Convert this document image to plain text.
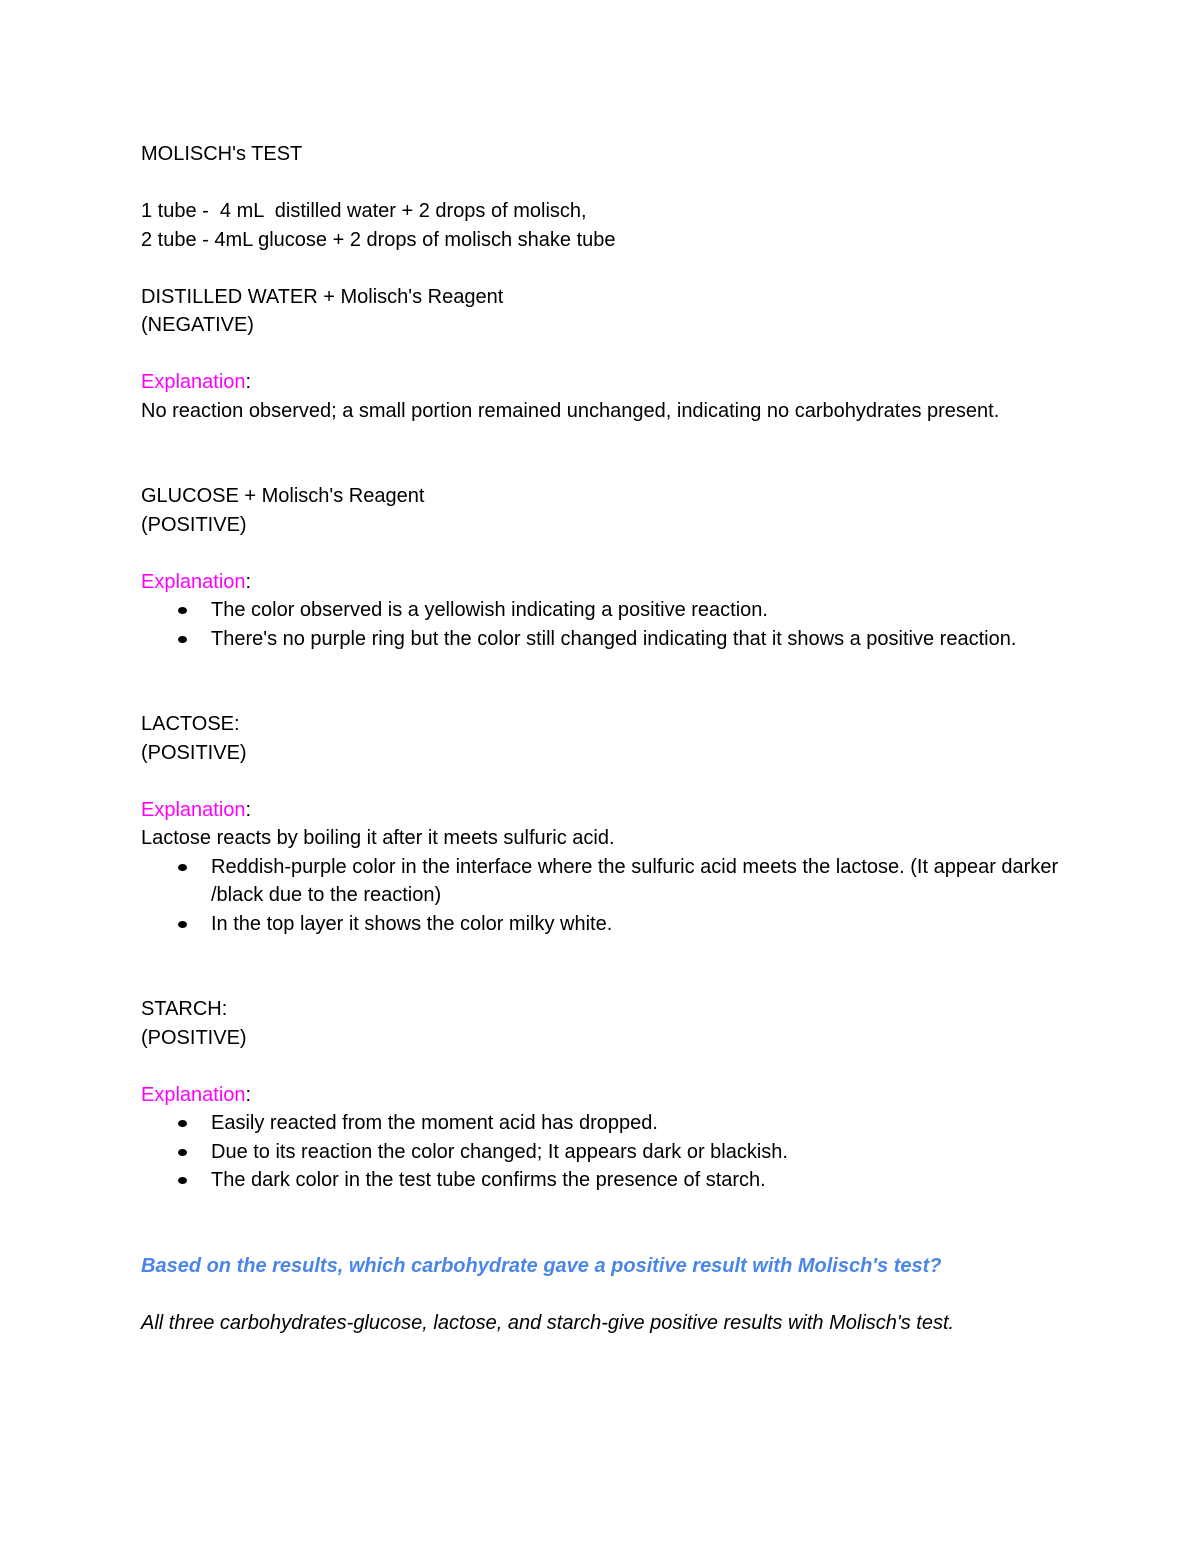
MOLISCH's TEST

1 tube -  4 mL  distilled water + 2 drops of molisch,

2 tube - 4mL glucose + 2 drops of molisch shake tube

DISTILLED WATER + Molisch's Reagent

(NEGATIVE)

Explanation:

No reaction observed; a small portion remained unchanged, indicating no carbohydrates present.

GLUCOSE + Molisch's Reagent

(POSITIVE)

Explanation:

The color observed is a yellowish indicating a positive reaction.
There's no purple ring but the color still changed indicating that it shows a positive reaction.

LACTOSE:

(POSITIVE)

Explanation:

Lactose reacts by boiling it after it meets sulfuric acid.

Reddish-purple color in the interface where the sulfuric acid meets the lactose. (It appear darker /black due to the reaction)
In the top layer it shows the color milky white.

STARCH:

(POSITIVE)

Explanation:

Easily reacted from the moment acid has dropped.
Due to its reaction the color changed; It appears dark or blackish.
The dark color in the test tube confirms the presence of starch.

Based on the results, which carbohydrate gave a positive result with Molisch's test?

All three carbohydrates-glucose, lactose, and starch-give positive results with Molisch's test.
